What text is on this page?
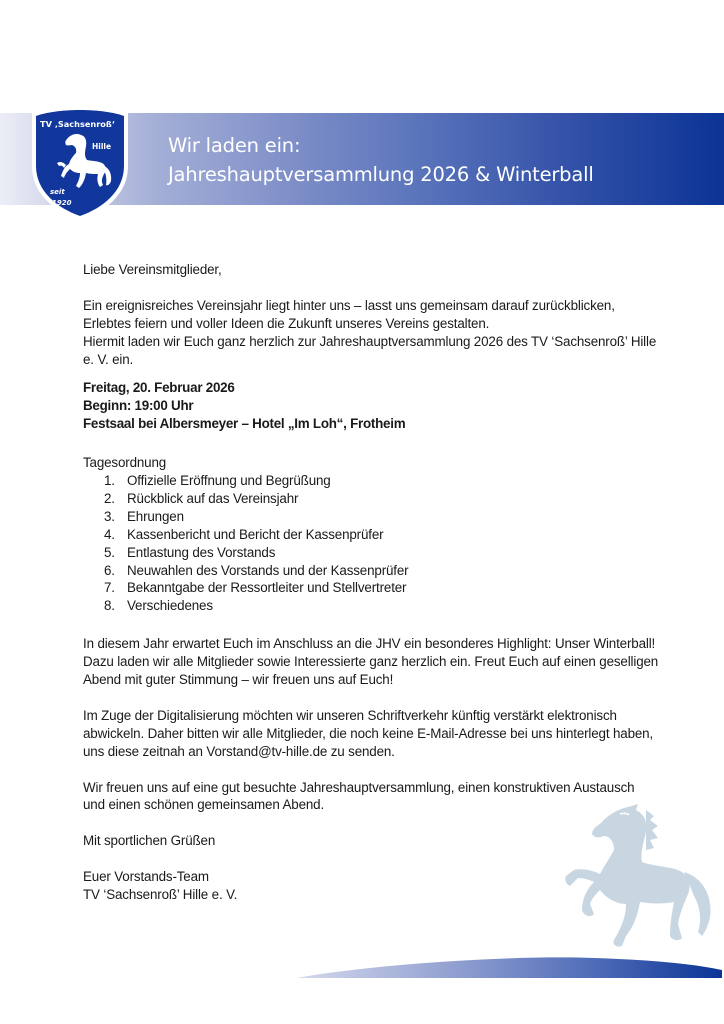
TV ‚Sachsenroß‘
Hille
seit
1920
Wir laden ein:
Jahreshauptversammlung 2026 & Winterball

Liebe Vereinsmitglieder,

Ein ereignisreiches Vereinsjahr liegt hinter uns – lasst uns gemeinsam darauf zurückblicken,

Erlebtes feiern und voller Ideen die Zukunft unseres Vereins gestalten.

Hiermit laden wir Euch ganz herzlich zur Jahreshauptversammlung 2026 des TV ‘Sachsenroß’ Hille

e. V. ein.

Freitag, 20. Februar 2026

Beginn: 19:00 Uhr

Festsaal bei Albersmeyer – Hotel „Im Loh“, Frotheim

Tagesordnung

1. Offizielle Eröffnung und Begrüßung
2. Rückblick auf das Vereinsjahr
3. Ehrungen
4. Kassenbericht und Bericht der Kassenprüfer
5. Entlastung des Vorstands
6. Neuwahlen des Vorstands und der Kassenprüfer
7. Bekanntgabe der Ressortleiter und Stellvertreter
8. Verschiedenes

In diesem Jahr erwartet Euch im Anschluss an die JHV ein besonderes Highlight: Unser Winterball!

Dazu laden wir alle Mitglieder sowie Interessierte ganz herzlich ein. Freut Euch auf einen geselligen

Abend mit guter Stimmung – wir freuen uns auf Euch!

Im Zuge der Digitalisierung möchten wir unseren Schriftverkehr künftig verstärkt elektronisch

abwickeln. Daher bitten wir alle Mitglieder, die noch keine E-Mail-Adresse bei uns hinterlegt haben,

uns diese zeitnah an Vorstand@tv-hille.de zu senden.

Wir freuen uns auf eine gut besuchte Jahreshauptversammlung, einen konstruktiven Austausch

und einen schönen gemeinsamen Abend.

Mit sportlichen Grüßen

Euer Vorstands-Team

TV ‘Sachsenroß’ Hille e. V.
